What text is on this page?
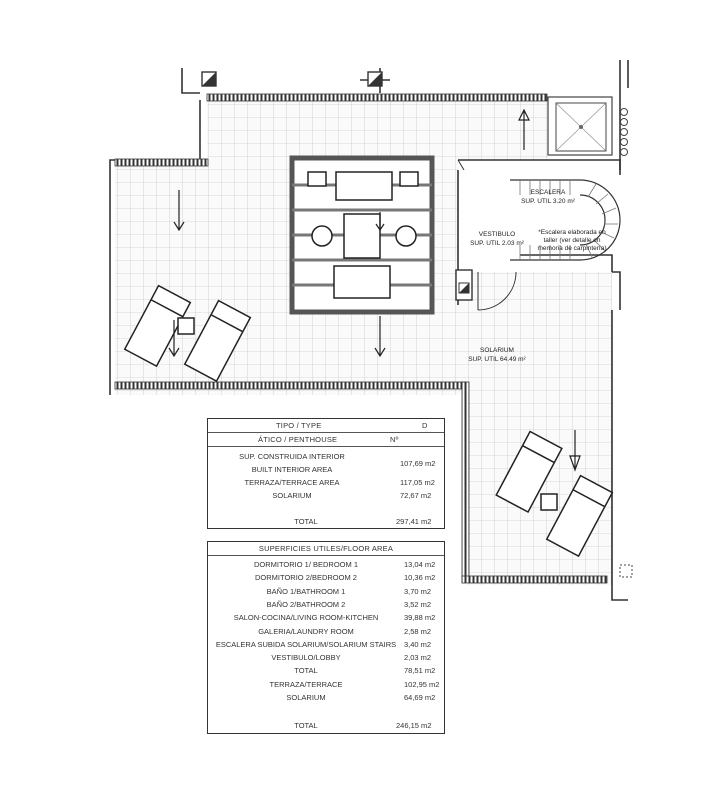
ESCALERA
SUP. UTIL 3.20 m²
VESTIBULO
SUP. UTIL 2.03 m²
*Escalera elaborada en
taller (ver detalle en
memoria de carpintería)
SOLARIUM
SUP. UTIL 64.49 m²
TIPO / TYPE	D
ÁTICO / PENTHOUSE	Nº
SUP. CONSTRUIDA INTERIOR
BUILT INTERIOR AREA
107,69 m2
TERRAZA/TERRACE AREA	117,05 m2
SOLARIUM	72,67 m2
TOTAL	297,41 m2
SUPERFICIES UTILES/FLOOR AREA
DORMITORIO 1/ BEDROOM 1	13,04 m2
DORMITORIO 2/BEDROOM 2	10,36 m2
BAÑO 1/BATHROOM 1	3,70 m2
BAÑO 2/BATHROOM 2	3,52 m2
SALON-COCINA/LIVING ROOM-KITCHEN	39,88 m2
GALERIA/LAUNDRY ROOM	2,58 m2
ESCALERA SUBIDA SOLARIUM/SOLARIUM STAIRS	3,40 m2
VESTIBULO/LOBBY	2,03 m2
TOTAL	78,51 m2
TERRAZA/TERRACE	102,95 m2
SOLARIUM	64,69 m2
TOTAL	246,15 m2
